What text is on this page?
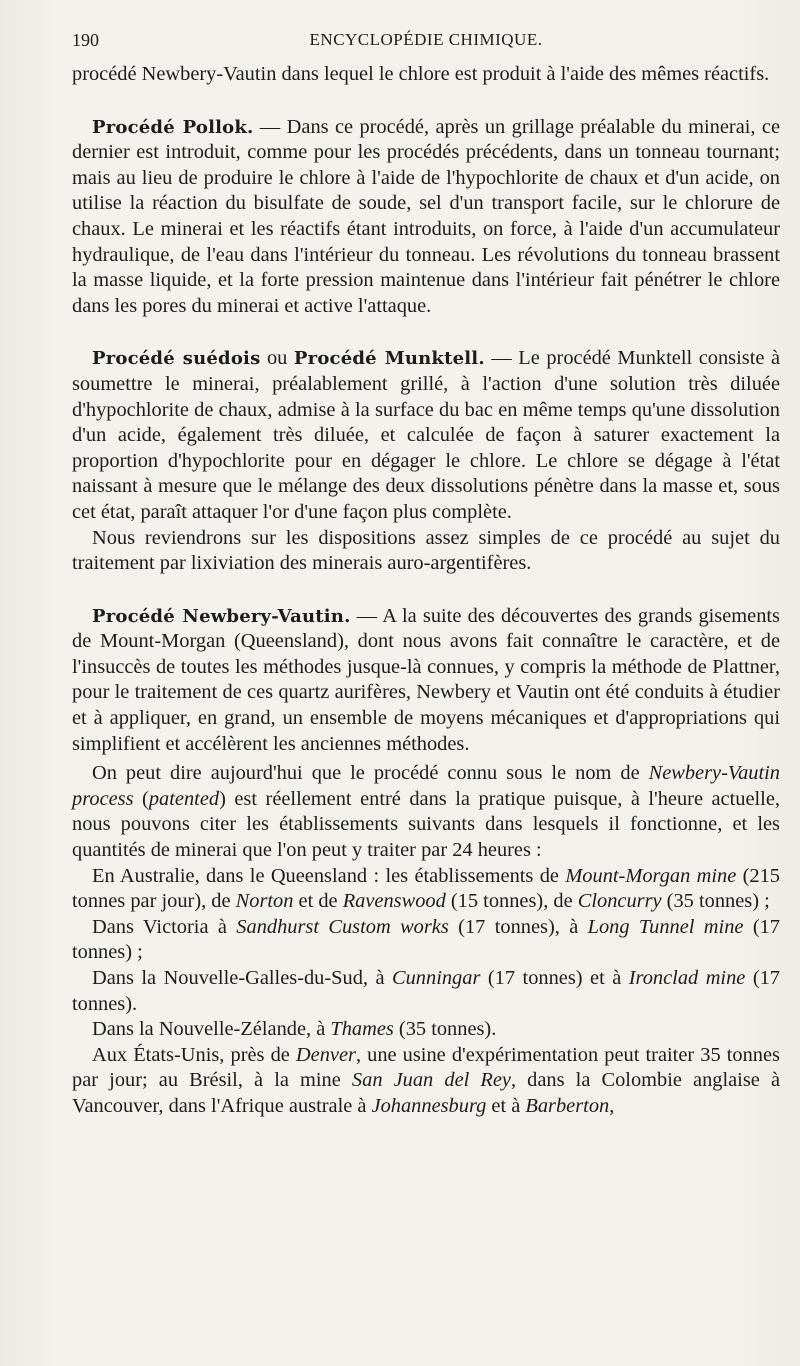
190	ENCYCLOPÉDIE CHIMIQUE.

procédé Newbery-Vautin dans lequel le chlore est produit à l'aide des mêmes réactifs.

Procédé Pollok. — Dans ce procédé, après un grillage préalable du minerai, ce dernier est introduit, comme pour les procédés précédents, dans un tonneau tournant; mais au lieu de produire le chlore à l'aide de l'hypochlorite de chaux et d'un acide, on utilise la réaction du bisulfate de soude, sel d'un transport facile, sur le chlorure de chaux. Le minerai et les réactifs étant introduits, on force, à l'aide d'un accumulateur hydraulique, de l'eau dans l'intérieur du tonneau. Les révolutions du tonneau brassent la masse liquide, et la forte pression maintenue dans l'intérieur fait pénétrer le chlore dans les pores du minerai et active l'attaque.

Procédé suédois ou Procédé Munktell. — Le procédé Munktell consiste à soumettre le minerai, préalablement grillé, à l'action d'une solution très diluée d'hypochlorite de chaux, admise à la surface du bac en même temps qu'une dissolution d'un acide, également très diluée, et calculée de façon à saturer exactement la proportion d'hypochlorite pour en dégager le chlore. Le chlore se dégage à l'état naissant à mesure que le mélange des deux dissolutions pénètre dans la masse et, sous cet état, paraît attaquer l'or d'une façon plus complète.

Nous reviendrons sur les dispositions assez simples de ce procédé au sujet du traitement par lixiviation des minerais auro-argentifères.

Procédé Newbery-Vautin. — A la suite des découvertes des grands gisements de Mount-Morgan (Queensland), dont nous avons fait connaître le caractère, et de l'insuccès de toutes les méthodes jusque-là connues, y compris la méthode de Plattner, pour le traitement de ces quartz aurifères, Newbery et Vautin ont été conduits à étudier et à appliquer, en grand, un ensemble de moyens mécaniques et d'appropriations qui simplifient et accélèrent les anciennes méthodes.

On peut dire aujourd'hui que le procédé connu sous le nom de Newbery-Vautin process (patented) est réellement entré dans la pratique puisque, à l'heure actuelle, nous pouvons citer les établissements suivants dans lesquels il fonctionne, et les quantités de minerai que l'on peut y traiter par 24 heures :

En Australie, dans le Queensland : les établissements de Mount-Morgan mine (215 tonnes par jour), de Norton et de Ravenswood (15 tonnes), de Cloncurry (35 tonnes) ;

Dans Victoria à Sandhurst Custom works (17 tonnes), à Long Tunnel mine (17 tonnes) ;

Dans la Nouvelle-Galles-du-Sud, à Cunningar (17 tonnes) et à Ironclad mine (17 tonnes).

Dans la Nouvelle-Zélande, à Thames (35 tonnes).

Aux États-Unis, près de Denver, une usine d'expérimentation peut traiter 35 tonnes par jour; au Brésil, à la mine San Juan del Rey, dans la Colombie anglaise à Vancouver, dans l'Afrique australe à Johannesburg et à Barberton,
